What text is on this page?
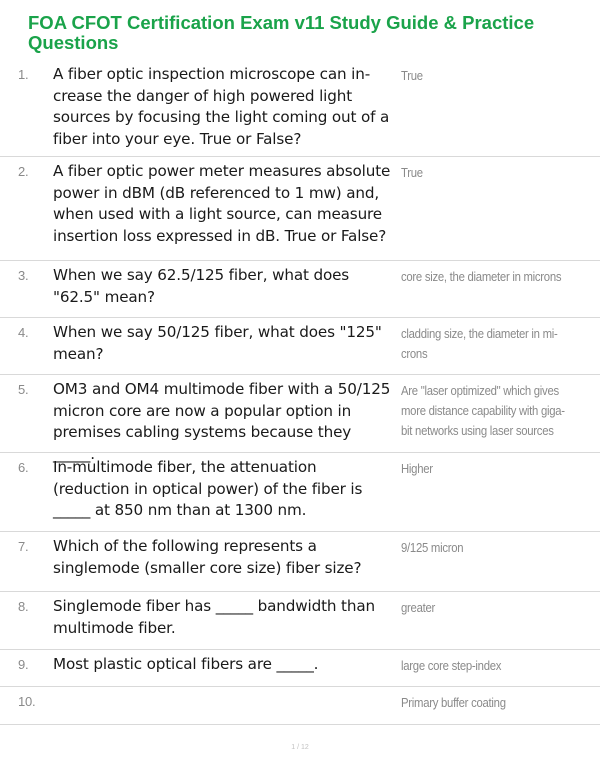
FOA CFOT Certification Exam v11 Study Guide & Practice Questions
1. A fiber optic inspection microscope can in-crease the danger of high powered light sources by focusing the light coming out of a fiber into your eye. True or False?
True
2. A fiber optic power meter measures absolute power in dBM (dB referenced to 1 mw) and, when used with a light source, can measure insertion loss expressed in dB. True or False?
True
3. When we say 62.5/125 fiber, what does "62.5" mean?
core size, the diameter in microns
4. When we say 50/125 fiber, what does "125" mean?
cladding size, the diameter in mi-crons
5. OM3 and OM4 multimode fiber with a 50/125 micron core are now a popular option in premises cabling systems because they _____.
Are "laser optimized" which gives more distance capability with giga-bit networks using laser sources
6. In-multimode fiber, the attenuation (reduction in optical power) of the fiber is _____ at 850 nm than at 1300 nm.
Higher
7. Which of the following represents a singlemode (smaller core size) fiber size?
9/125 micron
8. Singlemode fiber has _____ bandwidth than multimode fiber.
greater
9. Most plastic optical fibers are _____.	large core step-index
10.	Primary buffer coating
1 / 12
